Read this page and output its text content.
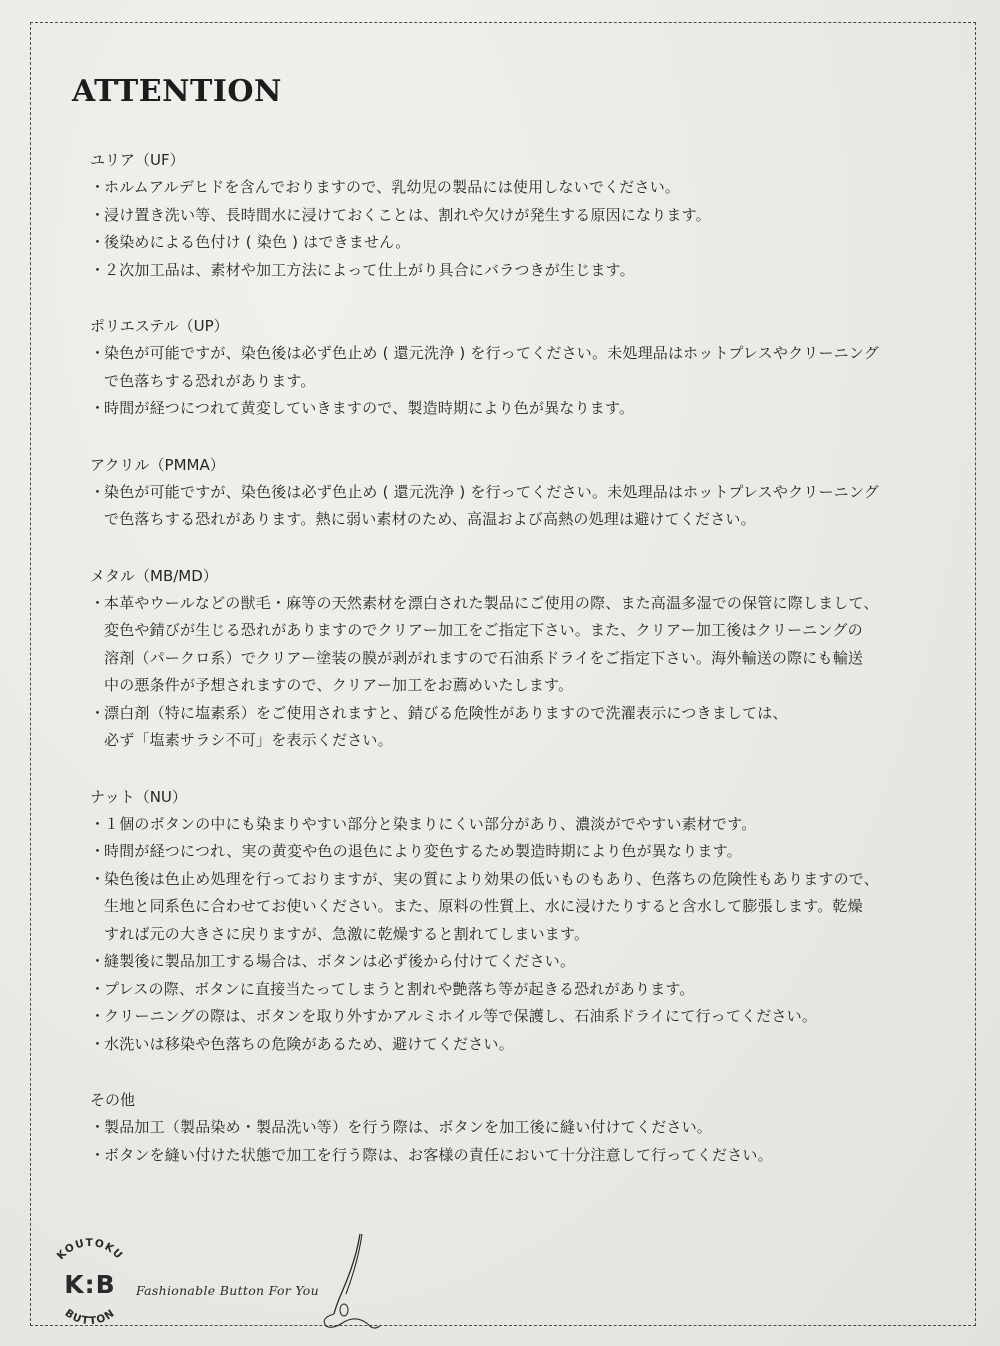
ATTENTION
ユリア（UF）
・
ホルムアルデヒドを含んでおりますので、乳幼児の製品には使用しないでください。
・
浸け置き洗い等、長時間水に浸けておくことは、割れや欠けが発生する原因になります。
・
後染めによる色付け ( 染色 ) はできません。
・
２次加工品は、素材や加工方法によって仕上がり具合にバラつきが生じます。
ポリエステル（UP）
・
染色が可能ですが、染色後は必ず色止め ( 還元洗浄 ) を行ってください。未処理品はホットプレスやクリーニング
で色落ちする恐れがあります。
・
時間が経つにつれて黄変していきますので、製造時期により色が異なります。
アクリル（PMMA）
・
染色が可能ですが、染色後は必ず色止め ( 還元洗浄 ) を行ってください。未処理品はホットプレスやクリーニング
で色落ちする恐れがあります。熱に弱い素材のため、高温および高熱の処理は避けてください。
メタル（MB/MD）
・
本革やウールなどの獣毛・麻等の天然素材を漂白された製品にご使用の際、また高温多湿での保管に際しまして、
変色や錆びが生じる恐れがありますのでクリアー加工をご指定下さい。また、クリアー加工後はクリーニングの
溶剤（パークロ系）でクリアー塗装の膜が剥がれますので石油系ドライをご指定下さい。海外輸送の際にも輸送
中の悪条件が予想されますので、クリアー加工をお薦めいたします。
・
漂白剤（特に塩素系）をご使用されますと、錆びる危険性がありますので洗濯表示につきましては、
必ず「塩素サラシ不可」を表示ください。
ナット（NU）
・
１個のボタンの中にも染まりやすい部分と染まりにくい部分があり、濃淡がでやすい素材です。
・
時間が経つにつれ、実の黄変や色の退色により変色するため製造時期により色が異なります。
・
染色後は色止め処理を行っておりますが、実の質により効果の低いものもあり、色落ちの危険性もありますので、
生地と同系色に合わせてお使いください。また、原料の性質上、水に浸けたりすると含水して膨張します。乾燥
すれば元の大きさに戻りますが、急激に乾燥すると割れてしまいます。
・
縫製後に製品加工する場合は、ボタンは必ず後から付けてください。
・
プレスの際、ボタンに直接当たってしまうと割れや艶落ち等が起きる恐れがあります。
・
クリーニングの際は、ボタンを取り外すかアルミホイル等で保護し、石油系ドライにて行ってください。
・
水洗いは移染や色落ちの危険があるため、避けてください。
その他
・
製品加工（製品染め・製品洗い等）を行う際は、ボタンを加工後に縫い付けてください。
・
ボタンを縫い付けた状態で加工を行う際は、お客様の責任において十分注意して行ってください。
KOUTOKU
K:B
BUTTON
Fashionable Button For You
